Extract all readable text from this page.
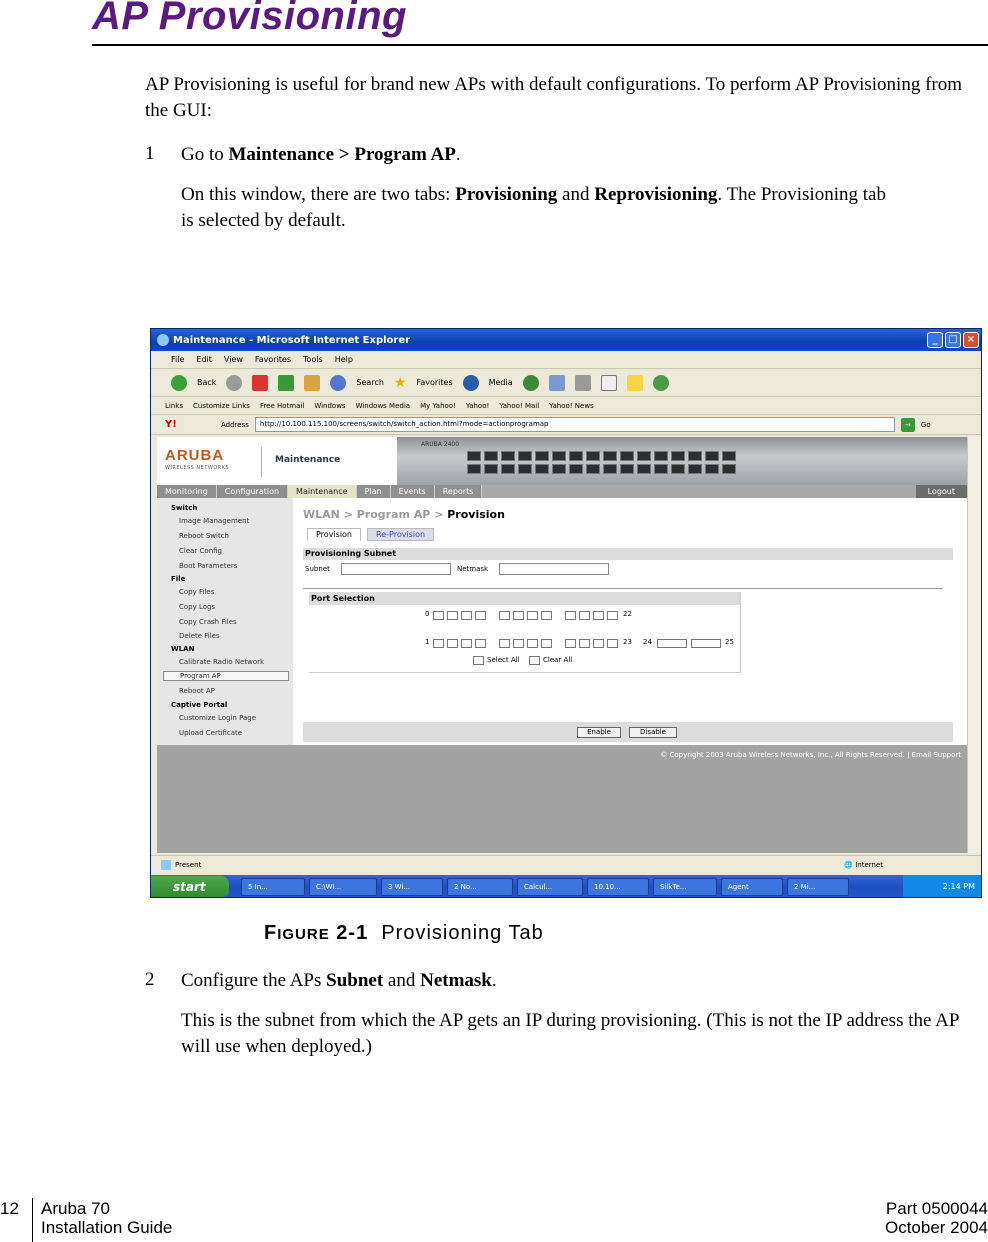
AP Provisioning
AP Provisioning is useful for brand new APs with default configurations. To perform AP Provisioning from the GUI:
1 Go to Maintenance > Program AP.
On this window, there are two tabs: Provisioning and Reprovisioning. The Provisioning tab is selected by default.
Maintenance - Microsoft Internet Explorer	_	□ ×
File Edit View Favorites Tools Help
Back	Search ★ Favorites	Media
Links Customize Links Free Hotmail Windows Windows Media My Yahoo! Yahoo! Yahoo! Mail Yahoo! News
Y!	Address	http://10.100.115.100/screens/switch/switch_action.html?mode=actionprogramap	→	Go
ARUBA
WIRELESS NETWORKS
Maintenance
ARUBA 2400
Monitoring	Configuration	Maintenance	Plan	Events	Reports	Logout
Switch
Image Management
Reboot Switch
Clear Config
Boot Parameters
File
Copy Files
Copy Logs
Copy Crash Files
Delete Files
WLAN
Calibrate Radio Network
Program AP
Reboot AP
Captive Portal
Customize Login Page
Upload Certificate
WLAN > Program AP > Provision
Provision	Re-Provision
Provisioning Subnet
Subnet	Netmask
Port Selection
0	22
1	23 24	25
Select All	Clear All
Enable	Disable
© Copyright 2003 Aruba Wireless Networks, Inc., All Rights Reserved. | Email Support
Present	🌐 Internet
start	5 In...	C:\WI...	3 Wi...	2 No...	Calcul...	10.10...	SilkTe...	Agent	2 Mi...	2:14 PM
FIGURE 2-1 Provisioning Tab
2 Configure the APs Subnet and Netmask.
This is the subnet from which the AP gets an IP during provisioning. (This is not the IP address the AP will use when deployed.)
12 Aruba 70
Installation Guide
Part 0500044
October 2004
